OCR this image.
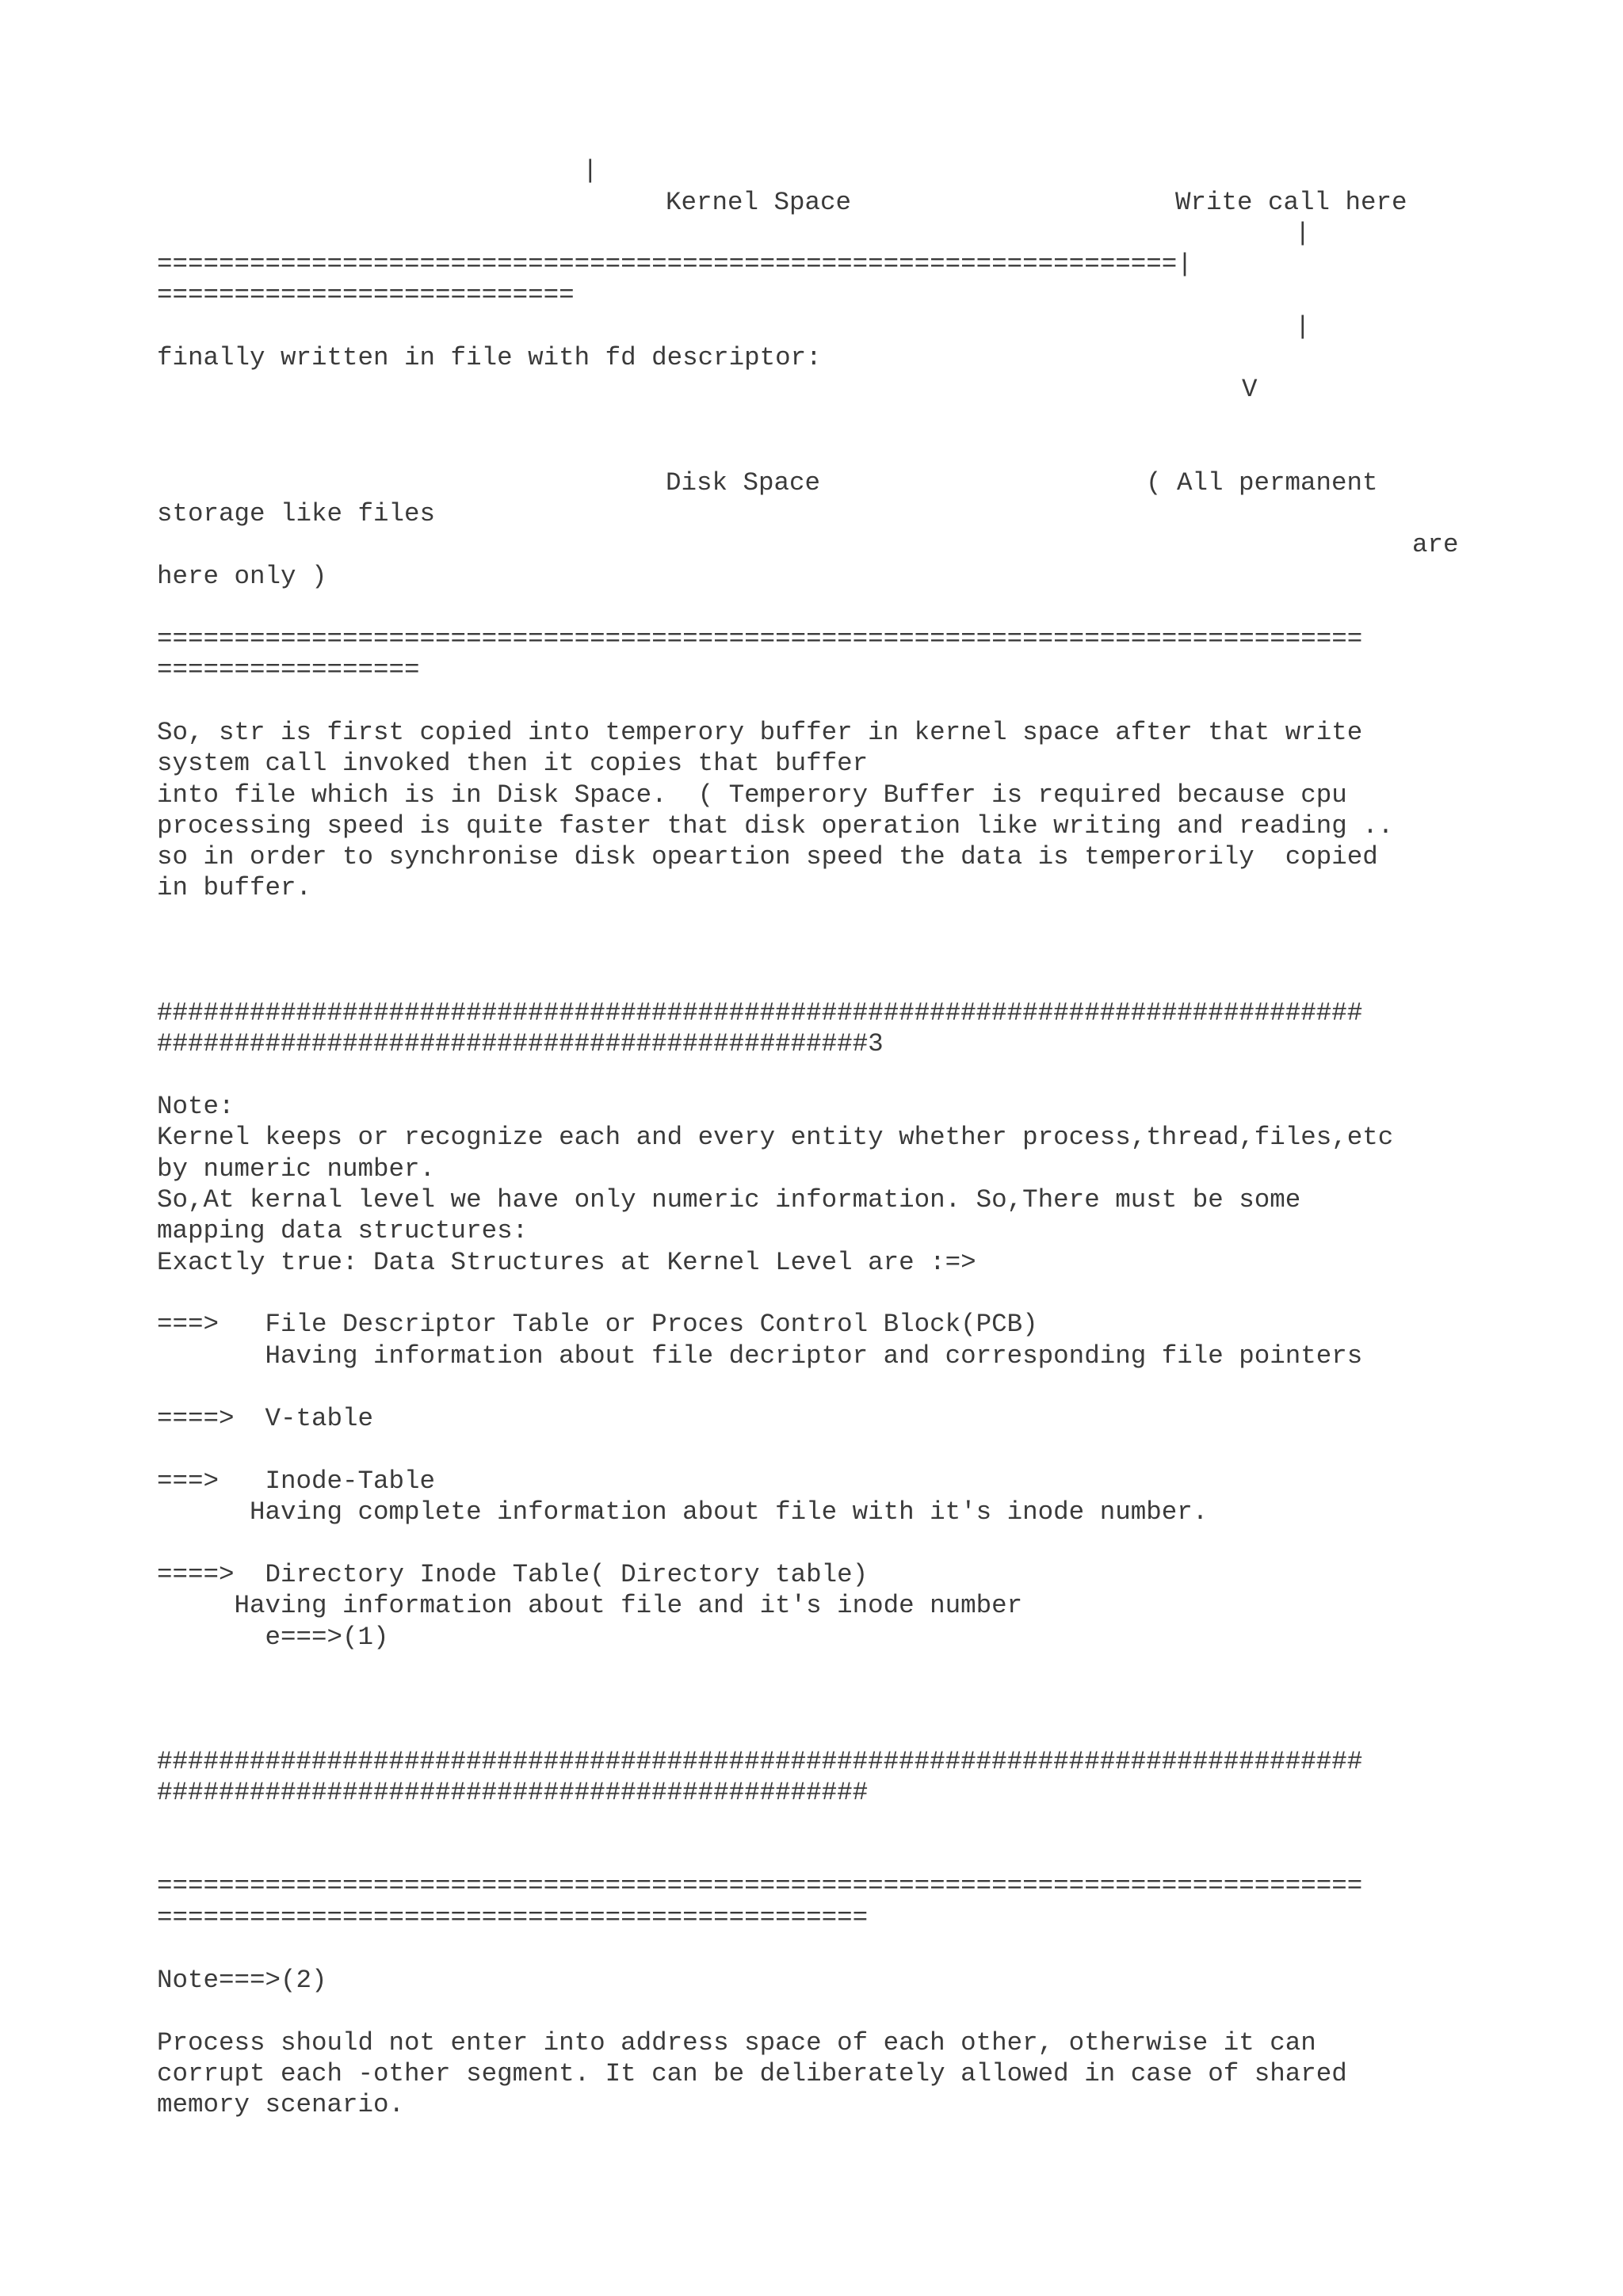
|

Kernel Space	Write call here

|

==================================================================|

===========================

|

finally written in file with fd descriptor:

V

Disk Space	( All permanent

storage like files

are

here only )

==============================================================================

=================

So, str is first copied into temperory buffer in kernel space after that write

system call invoked then it copies that buffer

into file which is in Disk Space.  ( Temperory Buffer is required because cpu

processing speed is quite faster that disk operation like writing and reading ..

so in order to synchronise disk opeartion speed the data is temperorily  copied

in buffer.

##############################################################################

##############################################3

Note:

Kernel keeps or recognize each and every entity whether process,thread,files,etc

by numeric number.

So,At kernal level we have only numeric information. So,There must be some

mapping data structures:

Exactly true: Data Structures at Kernel Level are :=>

===>   File Descriptor Table or Proces Control Block(PCB)

Having information about file decriptor and corresponding file pointers

====>  V-table

===>   Inode-Table

Having complete information about file with it's inode number.

====>  Directory Inode Table( Directory table)

Having information about file and it's inode number

e===>(1)

##############################################################################

##############################################

==============================================================================

==============================================

Note===>(2)

Process should not enter into address space of each other, otherwise it can

corrupt each -other segment. It can be deliberately allowed in case of shared

memory scenario.
